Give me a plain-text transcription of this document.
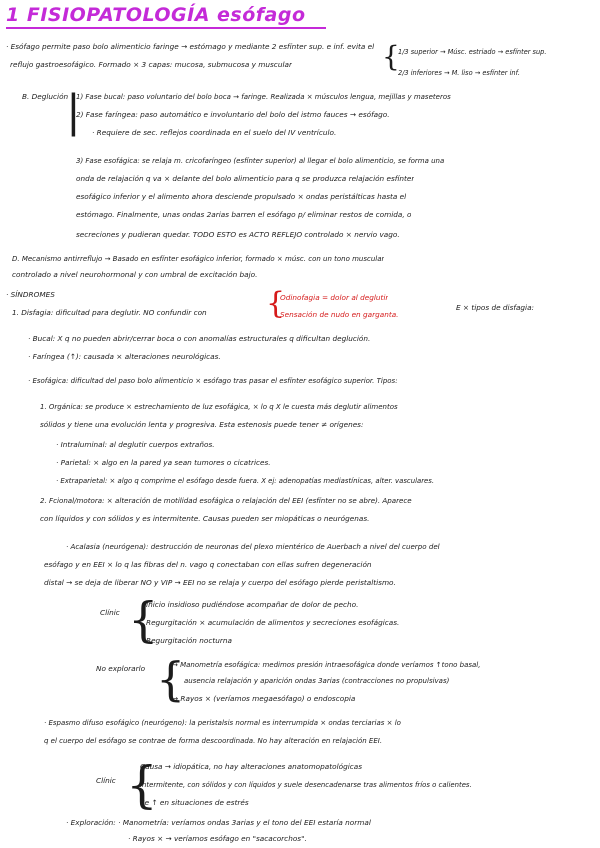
1 FISIOPATOLOGÍA esófago
· Esófago permite paso bolo alimenticio faringe → estómago y mediante 2 esfínter sup. e inf. evita el
reflujo gastroesofágico. Formado × 3 capas: mucosa, submucosa y muscular	{
1/3 superior → Músc. estriado → esfínter sup.
2/3 inferiores → M. liso → esfínter inf.
B. Deglución
|
1) Fase bucal: paso voluntario del bolo boca → faringe. Realizada × músculos lengua, mejillas y maseteros
2) Fase faríngea: paso automático e involuntario del bolo del istmo fauces → esófago.
· Requiere de sec. reflejos coordinada en el suelo del IV ventrículo.
3) Fase esofágica: se relaja m. cricofaríngeo (esfínter superior) al llegar el bolo alimenticio, se forma una
onda de relajación q va × delante del bolo alimenticio para q se produzca relajación esfínter
esofágico inferior y el alimento ahora desciende propulsado × ondas peristálticas hasta el
estómago. Finalmente, unas ondas 2arias barren el esófago p/ eliminar restos de comida, o
secreciones y pudieran quedar. TODO ESTO es ACTO REFLEJO controlado × nervio vago.
D. Mecanismo antirreflujo → Basado en esfínter esofágico inferior, formado × músc. con un tono muscular
controlado a nivel neurohormonal y con umbral de excitación bajo.
· SÍNDROMES
1. Disfagia: dificultad para deglutir. NO confundir con {
Odinofagia = dolor al deglutir
Sensación de nudo en garganta.
E × tipos de disfagia:
· Bucal: X q no pueden abrir/cerrar boca o con anomalías estructurales q dificultan deglución.
· Faríngea (↑): causada × alteraciones neurológicas.
· Esofágica: dificultad del paso bolo alimenticio × esófago tras pasar el esfínter esofágico superior. Tipos:
1. Orgánica: se produce × estrechamiento de luz esofágica, × lo q X le cuesta más deglutir alimentos
sólidos y tiene una evolución lenta y progresiva. Esta estenosis puede tener ≠ orígenes:
· Intraluminal: al deglutir cuerpos extraños.
· Parietal: × algo en la pared ya sean tumores o cicatrices.
· Extraparietal: × algo q comprime el esófago desde fuera. X ej: adenopatías mediastínicas, alter. vasculares.
2. Fcional/motora: × alteración de motilidad esofágica o relajación del EEI (esfínter no se abre). Aparece
con líquidos y con sólidos y es intermitente. Causas pueden ser miopáticas o neurógenas.
· Acalasia (neurógena): destrucción de neuronas del plexo mientérico de Auerbach a nivel del cuerpo del
esófago y en EEI × lo q las fibras del n. vago q conectaban con ellas sufren degeneración
distal → se deja de liberar NO y VIP → EEI no se relaja y cuerpo del esófago pierde peristaltismo.
Clínic {
Inicio insidioso pudiéndose acompañar de dolor de pecho.
Regurgitación × acumulación de alimentos y secreciones esofágicas.
Regurgitación nocturna
No explorarlo {
→ Manometría esofágica: medimos presión intraesofágica donde veríamos ↑tono basal,
ausencia relajación y aparición ondas 3arias (contracciones no propulsivas)
→ Rayos × (veríamos megaesófago) o endoscopia
· Espasmo difuso esofágico (neurógeno): la peristalsis normal es interrumpida × ondas terciarias × lo
q el cuerpo del esófago se contrae de forma descoordinada. No hay alteración en relajación EEI.
Clínic {
Causa → idiopática, no hay alteraciones anatomopatológicas
Intermitente, con sólidos y con líquidos y suele desencadenarse tras alimentos fríos o calientes.
Se ↑ en situaciones de estrés
· Exploración: · Manometría: veríamos ondas 3arias y el tono del EEI estaría normal
· Rayos × → veríamos esófago en "sacacorchos".
